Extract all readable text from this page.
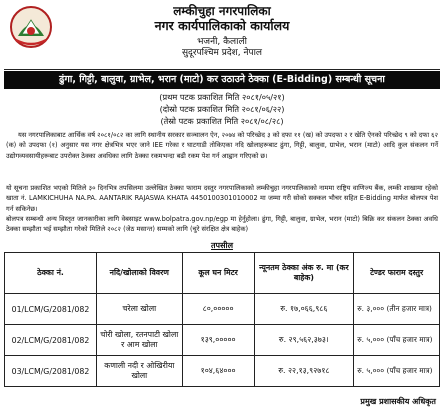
लम्कीचुहा नगरपालिका
नगर कार्यपालिकाको कार्यालय
भजनी, कैलाली
सुदूरपश्चिम प्रदेश, नेपाल
ढुंगा, गिट्टी, बालुवा, ग्राभेल, भरान (माटो) कर उठाउने ठेक्का (E-Bidding) सम्बन्धी सूचना
(प्रथम पटक प्रकाशित मिति २०८१/०५/२१)
(दोस्रो पटक प्रकाशित मिति २०८१/०६/२२)
(तेस्रो पटक प्रकाशित मिति २०८१/०८/२८)
यस नगरपालिकाबाट आर्थिक वर्ष २०८१/०८२ का लागि स्थानीय सरकार सञ्चालन ऐन, २०७४ को परिच्छेद ३ को दफा ११ (ख) को उपदफा २ र खेति ऐनको परिच्छेद ९ को दफा ६२ (क) को उपदफा (१) अनुसार यस नगर क्षेत्रभित्र भएर जाने IEE गरेका र घाटगाडी तोकिएका नदि खोलाहरूबाट ढुंगा, गिट्टी, बालुवा, ग्राभेल, भरान (माटो) आदि कुल संकलन गर्ने उद्योगव्यवसायीहरूबाट उपरोक्त ठेक्का अवधिका लागि ठेक्का रकमभन्दा बढी रकम पेश गर्न आह्वान गरिएको छ।
यो सूचना प्रकाशित भएको मितिले ३० दिनभित्र तपसिलमा उल्लेखित ठेक्का फाराम दस्तुर नगरपालिकाको लम्कीचुहा नगरपालिकाको नाममा राष्ट्रिय वाणिज्य बैंक, लम्की शाखामा रहेको खाता नं. LAMKICHUHA NA.PA. AANTARIK RAJASWA KHATA 4450100301010002 मा जम्मा गरी सोको सक्कल भौचर सहित E-Bidding मार्फत बोलपत्र पेश गर्न सकिनेछ।
बोलपत्र सम्बन्धी अन्य विस्तृत जानकारीका लागि वेबसाइट www.bolpatra.gov.np/egp मा हेर्नुहोला। ढुंगा, गिट्टी, बालुवा, ग्राभेल, भरान (माटो) बिक्रि कर संकलन ठेक्का अवधि ठेक्का सम्झौता भई सम्झौता गरेको मितिले २०८२ (जेठ मसान्त) सम्मको लागि (चुरे संरक्षित क्षेत्र बाहेक)
तपसील
ठेक्का नं.	नदि/खोलाको विवरण	कूल घन मिटर	न्यूनतम ठेक्का अंक रु. मा (कर बाहेक)	टेण्डर फाराम दस्तुर
01/LCM/G/2081/082	चरेला खोला	८०,०००००	रु. १७,०६६,९८६	रु. ३,००० (तीन हजार मात्र)
02/LCM/G/2081/082	चोरी खोला, रतनपाटी खोला र आम खोला	१३९,०००००	रु. २९,५६२,३७३।	रु. ५,००० (पाँच हजार मात्र)
03/LCM/G/2081/082	कणाली नदी र ओखिरीया खोला	१०४,६४०००	रु. २२,१३,९२७१८	रु. ५,००० (पाँच हजार मात्र)
प्रमुख प्रशासकीय अधिकृत
